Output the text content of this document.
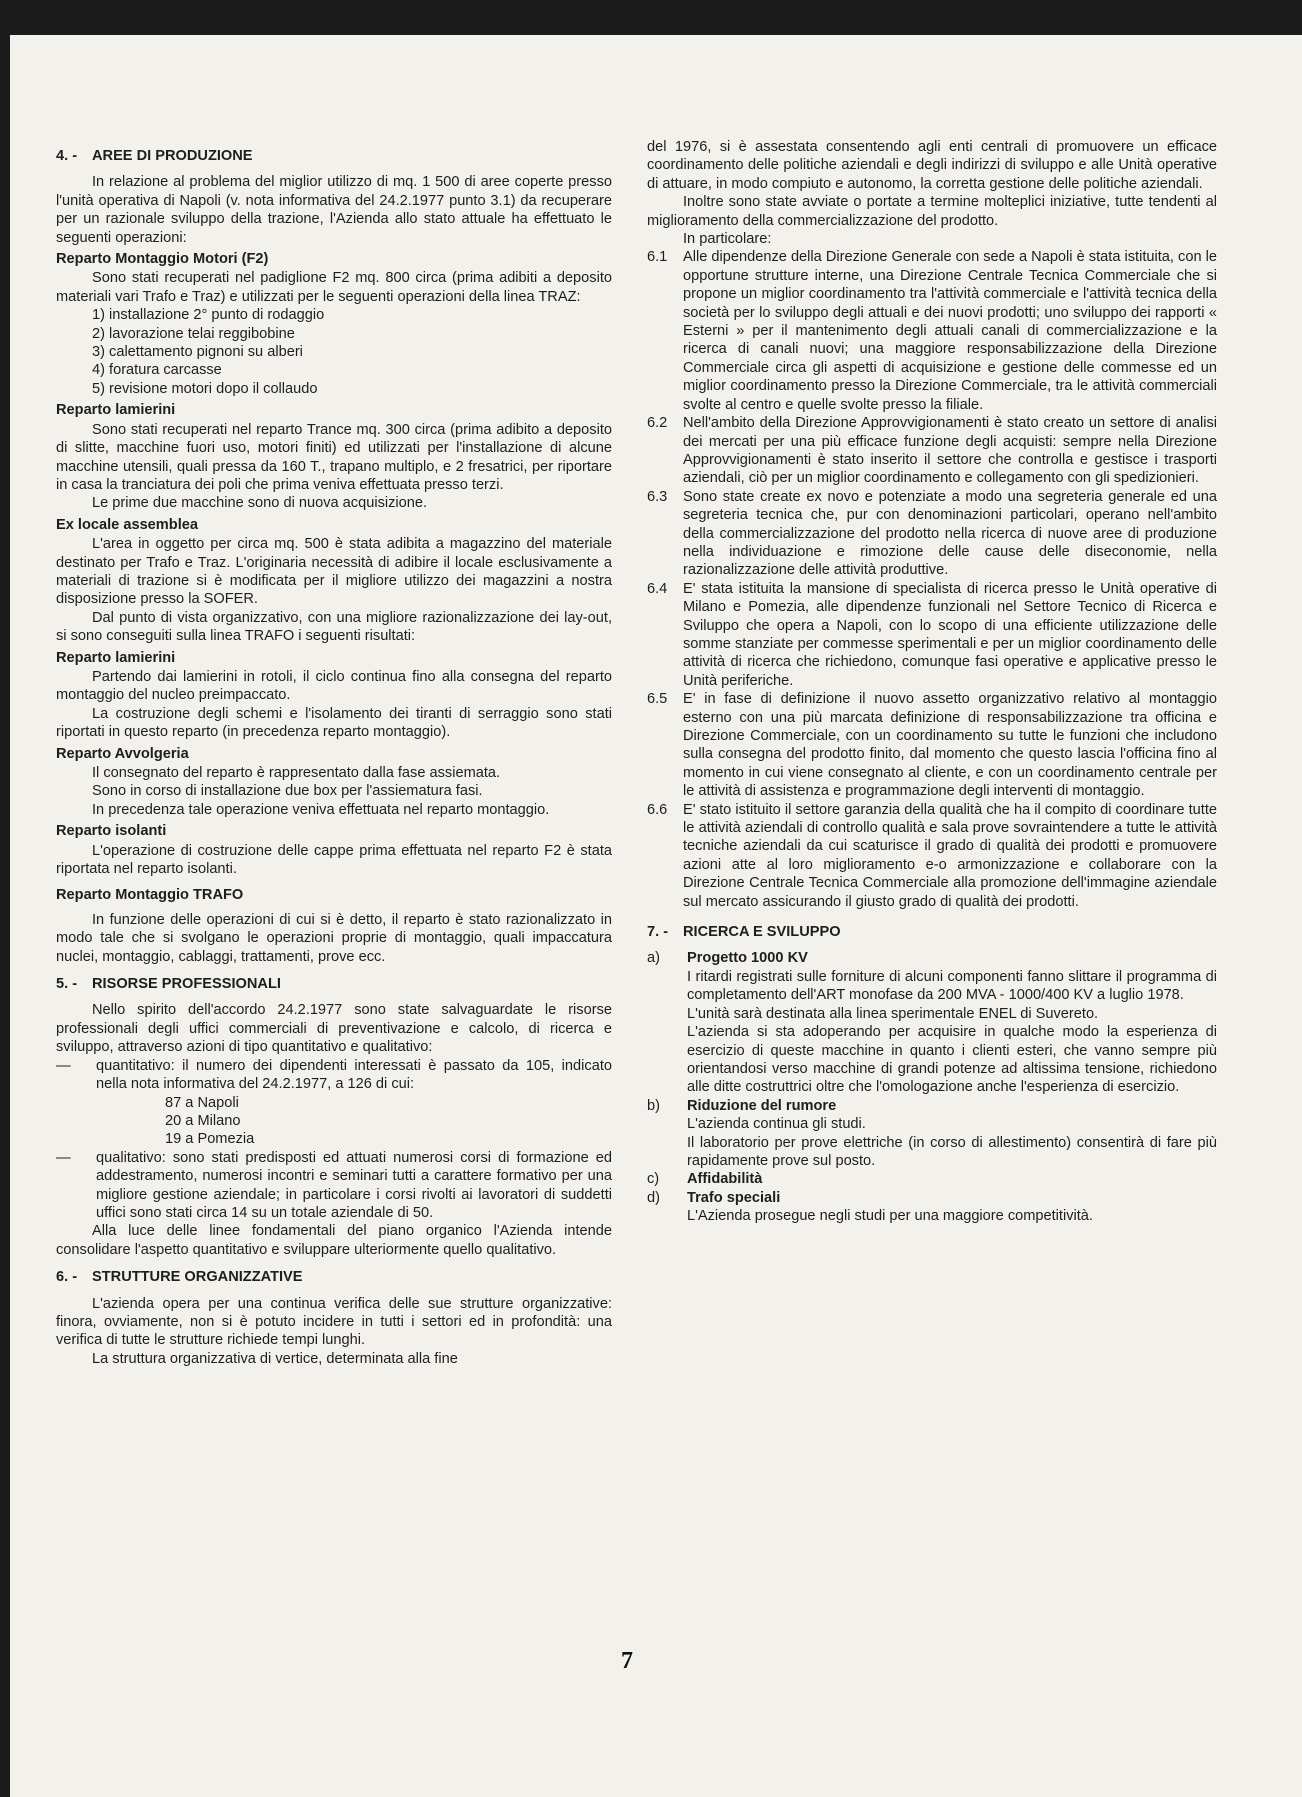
4. - AREE DI PRODUZIONE

In relazione al problema del miglior utilizzo di mq. 1 500 di aree coperte presso l'unità operativa di Napoli (v. nota informativa del 24.2.1977 punto 3.1) da recuperare per un razionale sviluppo della trazione, l'Azienda allo stato attuale ha effettuato le seguenti operazioni:

Reparto Montaggio Motori (F2)

Sono stati recuperati nel padiglione F2 mq. 800 circa (prima adibiti a deposito materiali vari Trafo e Traz) e utilizzati per le seguenti operazioni della linea TRAZ:

1) installazione 2° punto di rodaggio

2) lavorazione telai reggibobine

3) calettamento pignoni su alberi

4) foratura carcasse

5) revisione motori dopo il collaudo

Reparto lamierini

Sono stati recuperati nel reparto Trance mq. 300 circa (prima adibito a deposito di slitte, macchine fuori uso, motori finiti) ed utilizzati per l'installazione di alcune macchine utensili, quali pressa da 160 T., trapano multiplo, e 2 fresatrici, per riportare in casa la tranciatura dei poli che prima veniva effettuata presso terzi.

Le prime due macchine sono di nuova acquisizione.

Ex locale assemblea

L'area in oggetto per circa mq. 500 è stata adibita a magazzino del materiale destinato per Trafo e Traz. L'originaria necessità di adibire il locale esclusivamente a materiali di trazione si è modificata per il migliore utilizzo dei magazzini a nostra disposizione presso la SOFER.

Dal punto di vista organizzativo, con una migliore razionalizzazione dei lay-out, si sono conseguiti sulla linea TRAFO i seguenti risultati:

Reparto lamierini

Partendo dai lamierini in rotoli, il ciclo continua fino alla consegna del reparto montaggio del nucleo preimpaccato.

La costruzione degli schemi e l'isolamento dei tiranti di serraggio sono stati riportati in questo reparto (in precedenza reparto montaggio).

Reparto Avvolgeria

Il consegnato del reparto è rappresentato dalla fase assiemata.

Sono in corso di installazione due box per l'assiematura fasi.

In precedenza tale operazione veniva effettuata nel reparto montaggio.

Reparto isolanti

L'operazione di costruzione delle cappe prima effettuata nel reparto F2 è stata riportata nel reparto isolanti.

Reparto Montaggio TRAFO

In funzione delle operazioni di cui si è detto, il reparto è stato razionalizzato in modo tale che si svolgano le operazioni proprie di montaggio, quali impaccatura nuclei, montaggio, cablaggi, trattamenti, prove ecc.

5. - RISORSE PROFESSIONALI

Nello spirito dell'accordo 24.2.1977 sono state salvaguardate le risorse professionali degli uffici commerciali di preventivazione e calcolo, di ricerca e sviluppo, attraverso azioni di tipo quantitativo e qualitativo:

— quantitativo: il numero dei dipendenti interessati è passato da 105, indicato nella nota informativa del 24.2.1977, a 126 di cui:

87 a Napoli

20 a Milano

19 a Pomezia

— qualitativo: sono stati predisposti ed attuati numerosi corsi di formazione ed addestramento, numerosi incontri e seminari tutti a carattere formativo per una migliore gestione aziendale; in particolare i corsi rivolti ai lavoratori di suddetti uffici sono stati circa 14 su un totale aziendale di 50.

Alla luce delle linee fondamentali del piano organico l'Azienda intende consolidare l'aspetto quantitativo e sviluppare ulteriormente quello qualitativo.

6. - STRUTTURE ORGANIZZATIVE

L'azienda opera per una continua verifica delle sue strutture organizzative: finora, ovviamente, non si è potuto incidere in tutti i settori ed in profondità: una verifica di tutte le strutture richiede tempi lunghi.

La struttura organizzativa di vertice, determinata alla fine

del 1976, si è assestata consentendo agli enti centrali di promuovere un efficace coordinamento delle politiche aziendali e degli indirizzi di sviluppo e alle Unità operative di attuare, in modo compiuto e autonomo, la corretta gestione delle politiche aziendali.

Inoltre sono state avviate o portate a termine molteplici iniziative, tutte tendenti al miglioramento della commercializzazione del prodotto.

In particolare:

6.1 Alle dipendenze della Direzione Generale con sede a Napoli è stata istituita, con le opportune strutture interne, una Direzione Centrale Tecnica Commerciale che si propone un miglior coordinamento tra l'attività commerciale e l'attività tecnica della società per lo sviluppo degli attuali e dei nuovi prodotti; uno sviluppo dei rapporti « Esterni » per il mantenimento degli attuali canali di commercializzazione e la ricerca di canali nuovi; una maggiore responsabilizzazione della Direzione Commerciale circa gli aspetti di acquisizione e gestione delle commesse ed un miglior coordinamento presso la Direzione Commerciale, tra le attività commerciali svolte al centro e quelle svolte presso la filiale.

6.2 Nell'ambito della Direzione Approvvigionamenti è stato creato un settore di analisi dei mercati per una più efficace funzione degli acquisti: sempre nella Direzione Approvvigionamenti è stato inserito il settore che controlla e gestisce i trasporti aziendali, ciò per un miglior coordinamento e collegamento con gli spedizionieri.

6.3 Sono state create ex novo e potenziate a modo una segreteria generale ed una segreteria tecnica che, pur con denominazioni particolari, operano nell'ambito della commercializzazione del prodotto nella ricerca di nuove aree di produzione nella individuazione e rimozione delle cause delle diseconomie, nella razionalizzazione delle attività produttive.

6.4 E' stata istituita la mansione di specialista di ricerca presso le Unità operative di Milano e Pomezia, alle dipendenze funzionali nel Settore Tecnico di Ricerca e Sviluppo che opera a Napoli, con lo scopo di una efficiente utilizzazione delle somme stanziate per commesse sperimentali e per un miglior coordinamento delle attività di ricerca che richiedono, comunque fasi operative e applicative presso le Unità periferiche.

6.5 E' in fase di definizione il nuovo assetto organizzativo relativo al montaggio esterno con una più marcata definizione di responsabilizzazione tra officina e Direzione Commerciale, con un coordinamento su tutte le funzioni che includono sulla consegna del prodotto finito, dal momento che questo lascia l'officina fino al momento in cui viene consegnato al cliente, e con un coordinamento centrale per le attività di assistenza e programmazione degli interventi di montaggio.

6.6 E' stato istituito il settore garanzia della qualità che ha il compito di coordinare tutte le attività aziendali di controllo qualità e sala prove sovraintendere a tutte le attività tecniche aziendali da cui scaturisce il grado di qualità dei prodotti e promuovere azioni atte al loro miglioramento e-o armonizzazione e collaborare con la Direzione Centrale Tecnica Commerciale alla promozione dell'immagine aziendale sul mercato assicurando il giusto grado di qualità dei prodotti.

7. - RICERCA E SVILUPPO

a) Progetto 1000 KV

I ritardi registrati sulle forniture di alcuni componenti fanno slittare il programma di completamento dell'ART monofase da 200 MVA - 1000/400 KV a luglio 1978.

L'unità sarà destinata alla linea sperimentale ENEL di Suvereto.

L'azienda si sta adoperando per acquisire in qualche modo la esperienza di esercizio di queste macchine in quanto i clienti esteri, che vanno sempre più orientandosi verso macchine di grandi potenze ad altissima tensione, richiedono alle ditte costruttrici oltre che l'omologazione anche l'esperienza di esercizio.

b) Riduzione del rumore

L'azienda continua gli studi.

Il laboratorio per prove elettriche (in corso di allestimento) consentirà di fare più rapidamente prove sul posto.

c) Affidabilità

d) Trafo speciali

L'Azienda prosegue negli studi per una maggiore competitività.

7
